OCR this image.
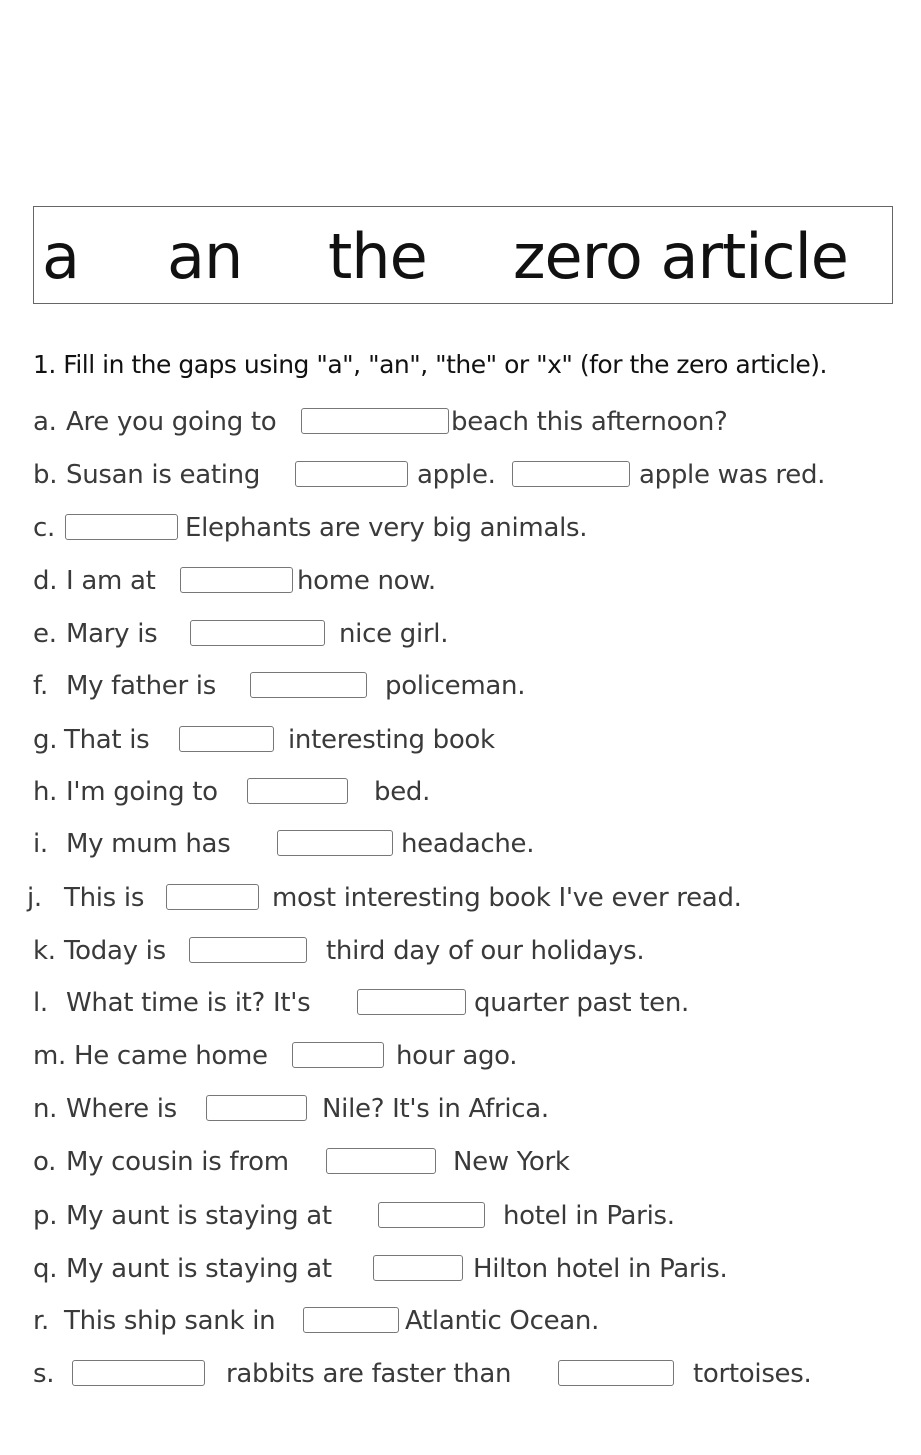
a an the zero article
1. Fill in the gaps using "a", "an", "the" or "x" (for the zero article).
a. Are you going to	beach this afternoon?
b. Susan is eating	apple.	apple was red.
c.	Elephants are very big animals.
d. I am at	home now.
e. Mary is	nice girl.
f. My father is	policeman.
g. That is	interesting book
h. I'm going to	bed.
i. My mum has	headache.
j. This is	most interesting book I've ever read.
k. Today is	third day of our holidays.
l. What time is it? It's	quarter past ten.
m. He came home	hour ago.
n. Where is	Nile? It's in Africa.
o. My cousin is from	New York
p. My aunt is staying at	hotel in Paris.
q. My aunt is staying at	Hilton hotel in Paris.
r. This ship sank in	Atlantic Ocean.
s.	rabbits are faster than	tortoises.
